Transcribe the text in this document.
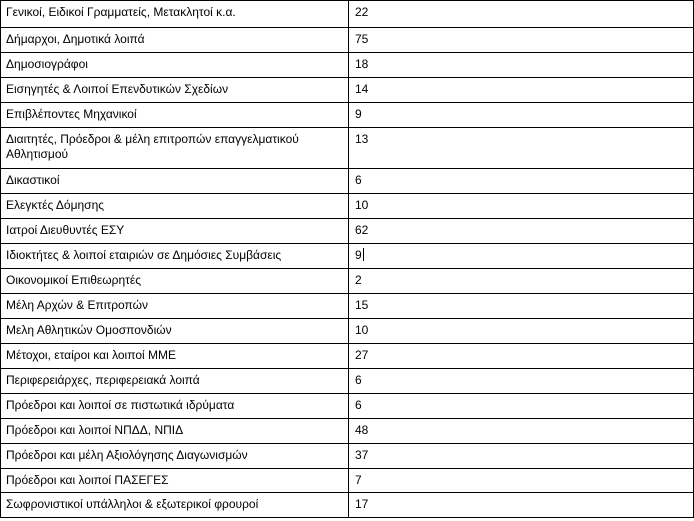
Γενικοί, Ειδικοί Γραμματείς, Μετακλητοί κ.α.	22
Δήμαρχοι, Δημοτικά λοιπά	75
Δημοσιογράφοι	18
Εισηγητές & Λοιποί Επενδυτικών Σχεδίων	14
Επιβλέποντες Μηχανικοί	9
Διαιτητές, Πρόεδροι & μέλη επιτροπών επαγγελματικού Αθλητισμού	13
Δικαστικοί	6
Ελεγκτές Δόμησης	10
Ιατροί Διευθυντές ΕΣΥ	62
Ιδιοκτήτες & λοιποί εταιριών σε Δημόσιες Συμβάσεις	9
Οικονομικοί Επιθεωρητές	2
Μέλη Αρχών & Επιτροπών	15
Μελη Αθλητικών Ομοσπονδιών	10
Μέτοχοι, εταίροι και λοιποί ΜΜΕ	27
Περιφερειάρχες, περιφερειακά λοιπά	6
Πρόεδροι και λοιποί σε πιστωτικά ιδρύματα	6
Πρόεδροι και λοιποί ΝΠΔΔ, ΝΠΙΔ	48
Πρόεδροι και μέλη Αξιολόγησης Διαγωνισμών	37
Πρόεδροι και λοιποί ΠΑΣΕΓΕΣ	7
Σωφρονιστικοί υπάλληλοι & εξωτερικοί φρουροί	17
